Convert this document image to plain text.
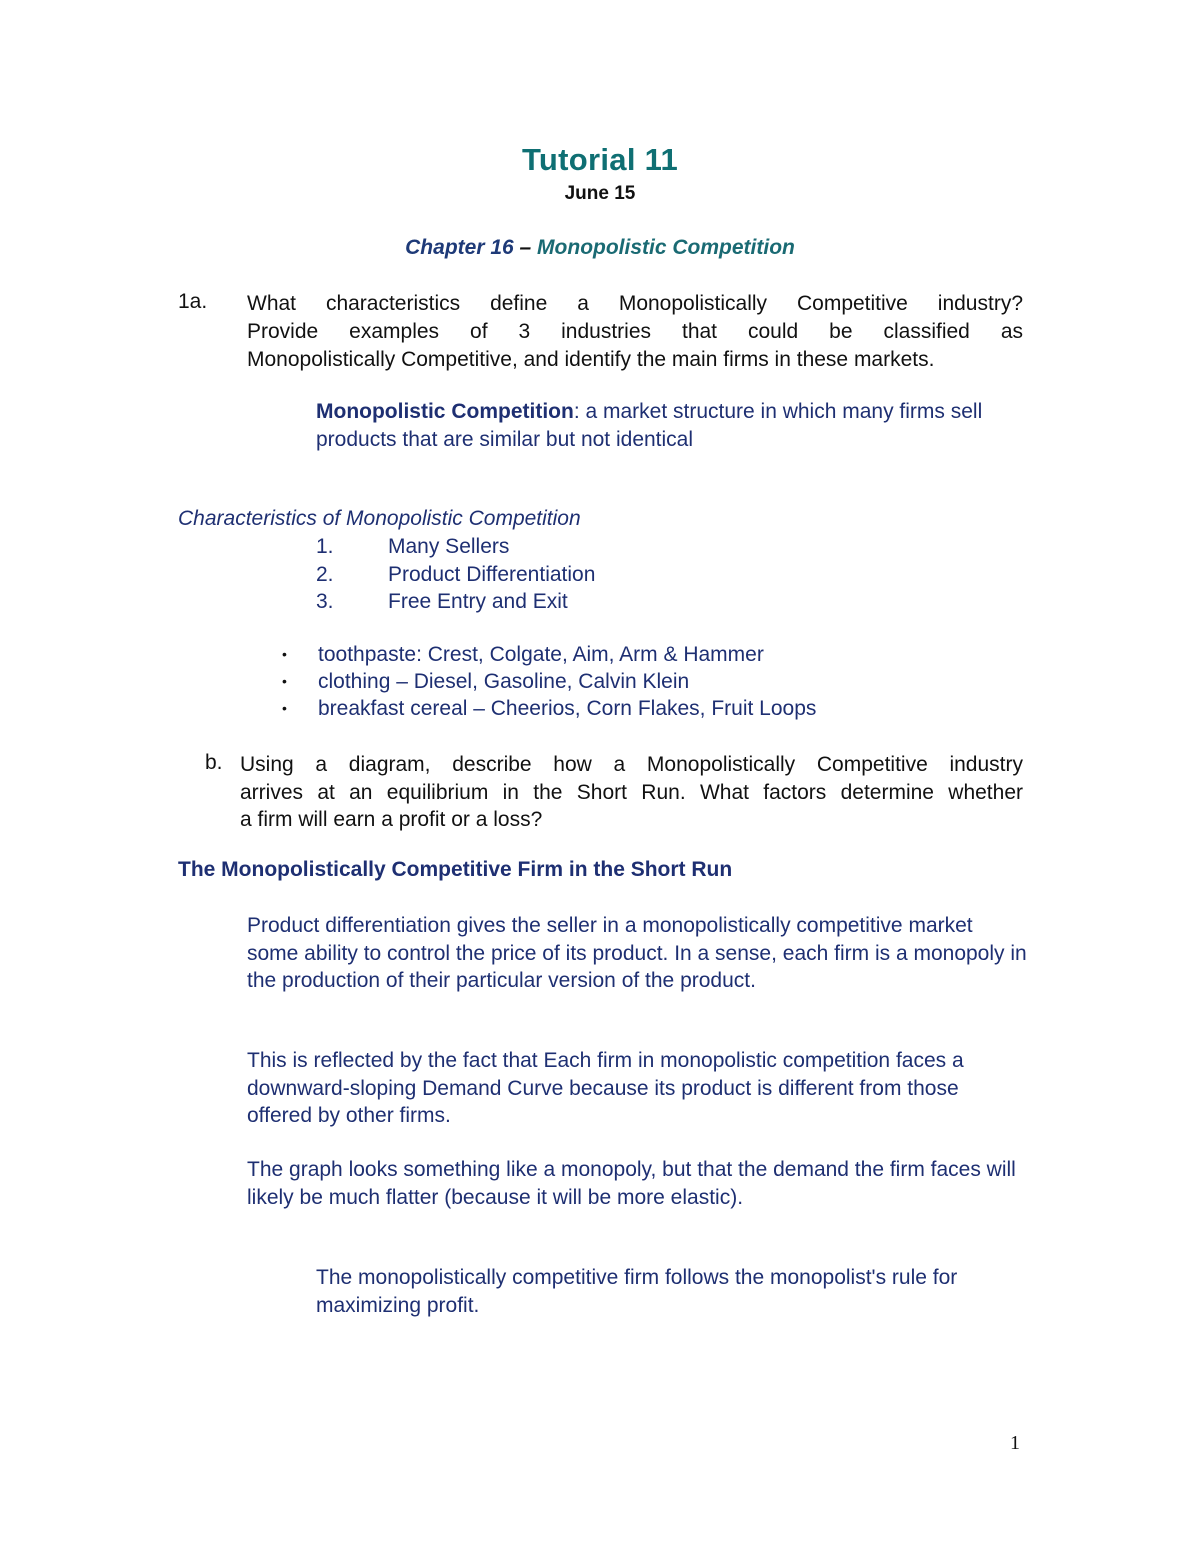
Tutorial 11
June 15
Chapter 16 – Monopolistic Competition
1a. What characteristics define a Monopolistically Competitive industry?
Provide examples of 3 industries that could be classified as
Monopolistically Competitive, and identify the main firms in these markets.
Monopolistic Competition: a market structure in which many firms sell products that are similar but not identical
Characteristics of Monopolistic Competition
1.	Many Sellers
2.	Product Differentiation
3.	Free Entry and Exit
•	toothpaste: Crest, Colgate, Aim, Arm & Hammer
•	clothing – Diesel, Gasoline, Calvin Klein
•	breakfast cereal – Cheerios, Corn Flakes, Fruit Loops
b. Using a diagram, describe how a Monopolistically Competitive industry
arrives at an equilibrium in the Short Run. What factors determine whether
a firm will earn a profit or a loss?
The Monopolistically Competitive Firm in the Short Run

Product differentiation gives the seller in a monopolistically competitive market some ability to control the price of its product. In a sense, each firm is a monopoly in the production of their particular version of the product.

This is reflected by the fact that Each firm in monopolistic competition faces a downward-sloping Demand Curve because its product is different from those offered by other firms.

The graph looks something like a monopoly, but that the demand the firm faces will likely be much flatter (because it will be more elastic).

The monopolistically competitive firm follows the monopolist's rule for maximizing profit.

1
